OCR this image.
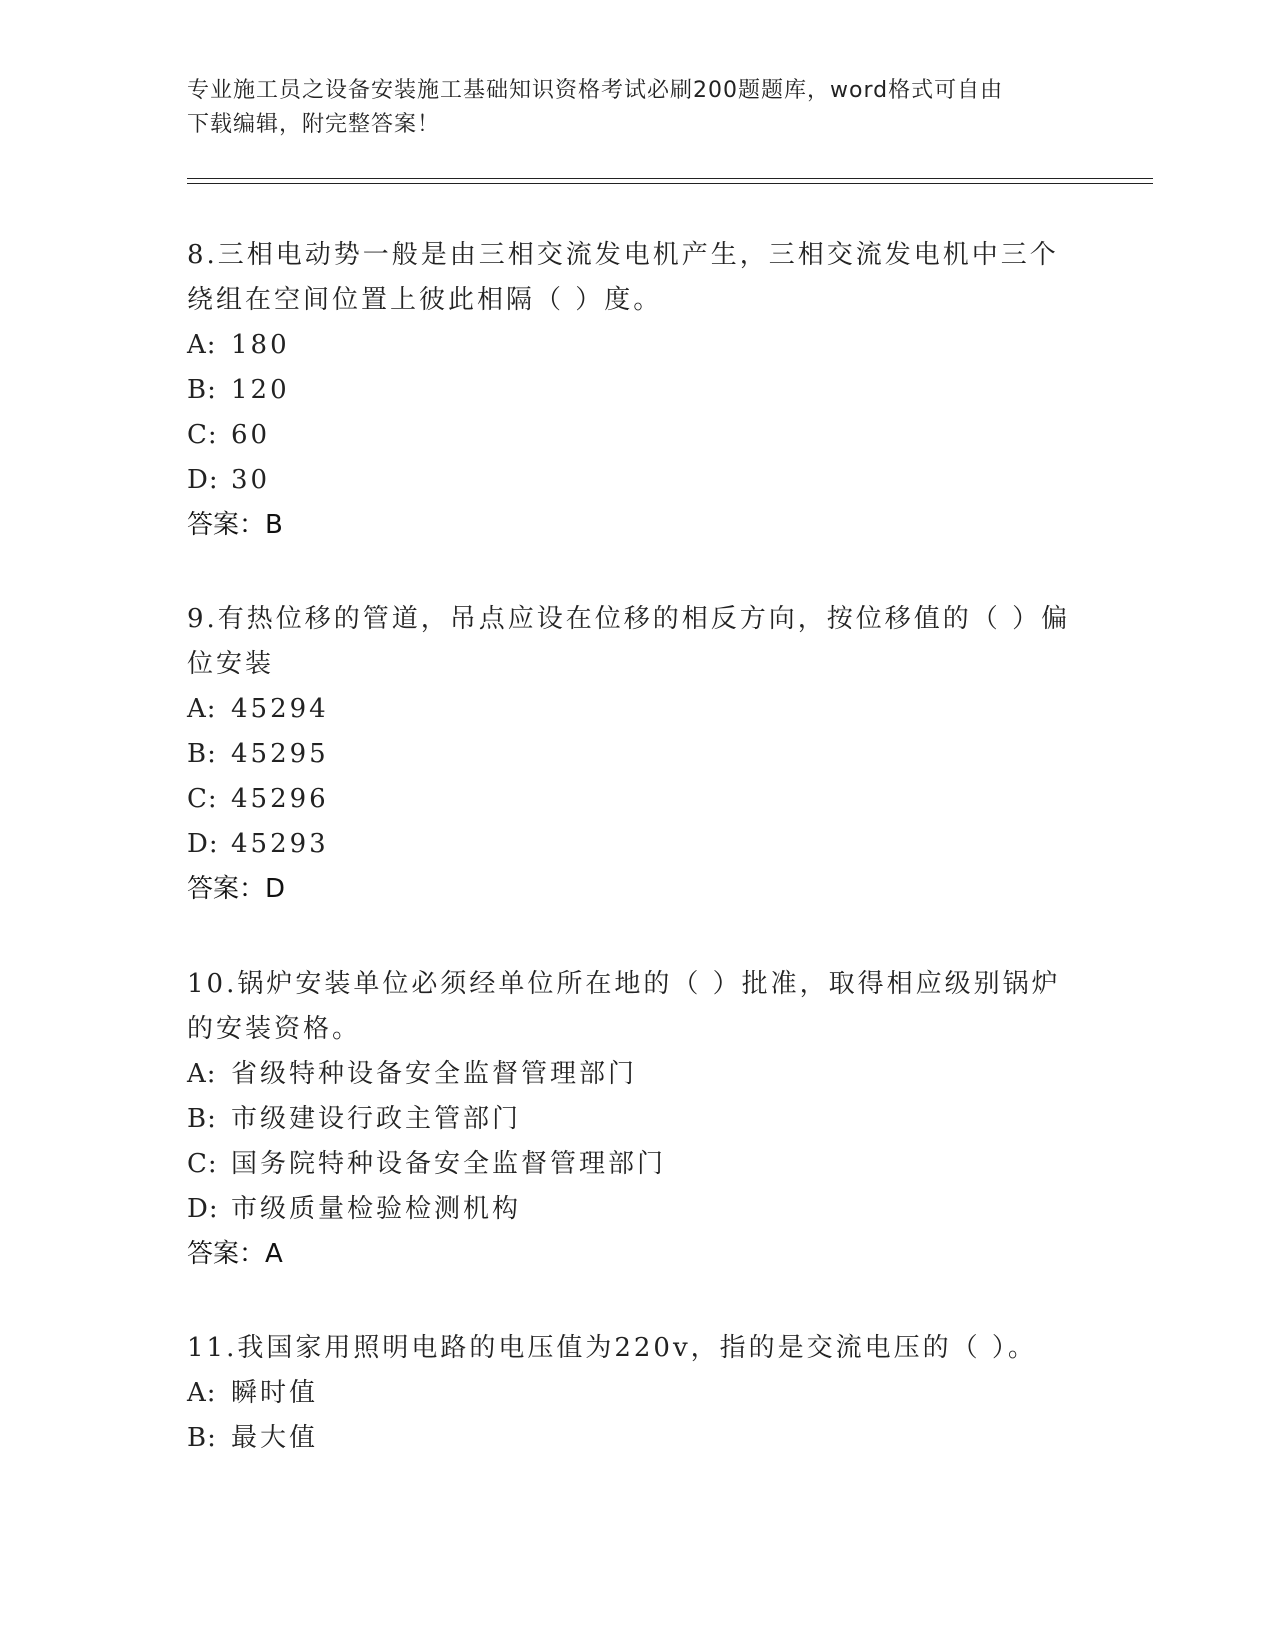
专业施工员之设备安装施工基础知识资格考试必刷200题题库，word格式可自由
下载编辑，附完整答案！

8.三相电动势一般是由三相交流发电机产生，三相交流发电机中三个
绕组在空间位置上彼此相隔（ ）度。

A: 180

B: 120

C: 60

D: 30

答案：B

9.有热位移的管道，吊点应设在位移的相反方向，按位移值的（ ）偏
位安装

A: 45294

B: 45295

C: 45296

D: 45293

答案：D

10.锅炉安装单位必须经单位所在地的（ ）批准，取得相应级别锅炉
的安装资格。

A: 省级特种设备安全监督管理部门

B: 市级建设行政主管部门

C: 国务院特种设备安全监督管理部门

D: 市级质量检验检测机构

答案：A

11.我国家用照明电路的电压值为220v，指的是交流电压的（ ）。

A: 瞬时值

B: 最大值
